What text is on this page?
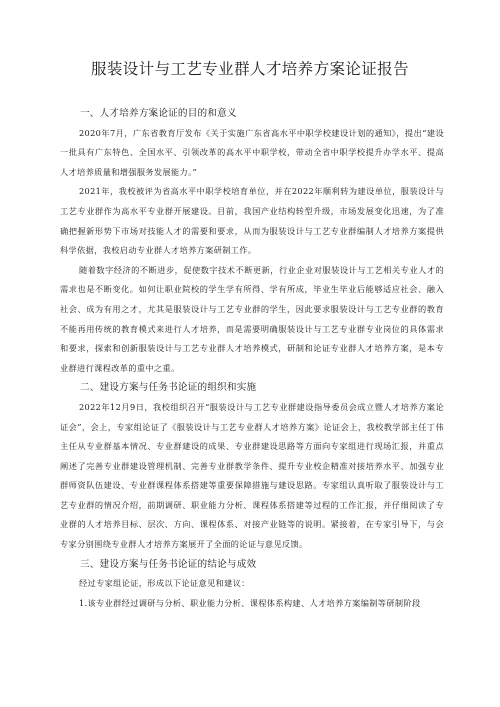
服装设计与工艺专业群人才培养方案论证报告

一、人才培养方案论证的目的和意义

2020年7月，广东省教育厅发布《关于实施广东省高水平中职学校建设计划的通知》，提出“建设一批具有广东特色、全国水平、引领改革的高水平中职学校，带动全省中职学校提升办学水平、提高人才培养质量和增强服务发展能力。”

2021年，我校被评为省高水平中职学校培育单位，并在2022年顺利转为建设单位，服装设计与工艺专业群作为高水平专业群开展建设。目前，我国产业结构转型升级，市场发展变化迅速，为了准确把握新形势下市场对技能人才的需要和要求，从而为服装设计与工艺专业群编制人才培养方案提供科学依据，我校启动专业群人才培养方案研制工作。

随着数字经济的不断进步，促使数字技术不断更新，行业企业对服装设计与工艺相关专业人才的需求也是不断变化。如何让职业院校的学生学有所得、学有所成，毕业生毕业后能够适应社会、融入社会、成为有用之才，尤其是服装设计与工艺专业群的学生，因此要求服装设计与工艺专业群的教育不能再用传统的教育模式来进行人才培养，而是需要明确服装设计与工艺专业群专业岗位的具体需求和要求，探索和创新服装设计与工艺专业群人才培养模式，研制和论证专业群人才培养方案，是本专业群进行课程改革的重中之重。

二、建设方案与任务书论证的组织和实施

2022年12月9日，我校组织召开“服装设计与工艺专业群建设指导委员会成立暨人才培养方案论证会”，会上，专家组论证了《服装设计与工艺专业群人才培养方案》论证会上，我校教学部主任丁伟主任从专业群基本情况、专业群建设的成果、专业群建设思路等方面向专家组进行现场汇报，并重点阐述了完善专业群建设管理机制、完善专业群教学条件、提升专业校企精准对接培养水平、加强专业群师资队伍建设、专业群课程体系搭建等重要保障措施与建设思路。专家组认真听取了服装设计与工艺专业群的情况介绍，前期调研、职业能力分析、课程体系搭建等过程的工作汇报，并仔细阅读了专业群的人才培养目标、层次、方向、课程体系、对接产业链等的说明。紧接着，在专家引导下，与会专家分别围绕专业群人才培养方案展开了全面的论证与意见反馈。

三、建设方案与任务书论证的结论与成效

经过专家组论证，形成以下论证意见和建议：

1.该专业群经过调研与分析、职业能力分析、课程体系构建、人才培养方案编制等研制阶段
